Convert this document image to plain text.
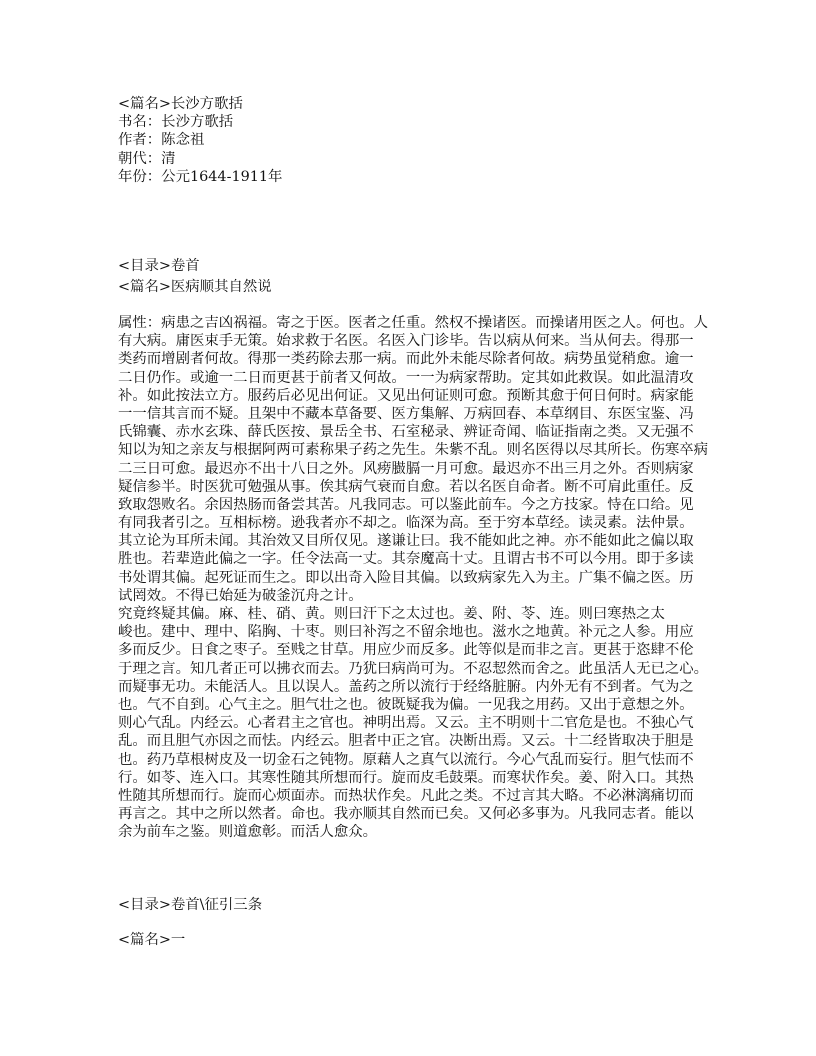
<篇名>长沙方歌括
书名：长沙方歌括
作者：陈念祖
朝代：清
年份：公元1644-1911年
<目录>卷首
<篇名>医病顺其自然说
属性：病患之吉凶祸福。寄之于医。医者之任重。然权不操诸医。而操诸用医之人。何也。人
有大病。庸医束手无策。始求救于名医。名医入门诊毕。告以病从何来。当从何去。得那一
类药而增剧者何故。得那一类药除去那一病。而此外未能尽除者何故。病势虽觉稍愈。逾一
二日仍作。或逾一二日而更甚于前者又何故。一一为病家帮助。定其如此救误。如此温清攻
补。如此按法立方。服药后必见出何证。又见出何证则可愈。预断其愈于何日何时。病家能
一一信其言而不疑。且架中不藏本草备要、医方集解、万病回春、本草纲目、东医宝鉴、冯
氏锦囊、赤水玄珠、薛氏医按、景岳全书、石室秘录、辨证奇闻、临证指南之类。又无强不
知以为知之亲友与根据阿两可素称果子药之先生。朱紫不乱。则名医得以尽其所长。伤寒卒病
二三日可愈。最迟亦不出十八日之外。风痨臌膈一月可愈。最迟亦不出三月之外。否则病家
疑信参半。时医犹可勉强从事。俟其病气衰而自愈。若以名医自命者。断不可肩此重任。反
致取怨败名。余因热肠而备尝其苦。凡我同志。可以鉴此前车。今之方技家。恃在口给。见
有同我者引之。互相标榜。逊我者亦不却之。临深为高。至于穷本草经。读灵素。法仲景。
其立论为耳所未闻。其治效又目所仅见。遂谦让曰。我不能如此之神。亦不能如此之偏以取
胜也。若辈造此偏之一字。任令法高一丈。其奈魔高十丈。且谓古书不可以今用。即于多读
书处谓其偏。起死证而生之。即以出奇入险目其偏。以致病家先入为主。广集不偏之医。历
试罔效。不得已始延为破釜沉舟之计。
究竟终疑其偏。麻、桂、硝、黄。则曰汗下之太过也。姜、附、苓、连。则曰寒热之太
峻也。建中、理中、陷胸、十枣。则曰补泻之不留余地也。滋水之地黄。补元之人参。用应
多而反少。日食之枣子。至贱之甘草。用应少而反多。此等似是而非之言。更甚于恣肆不伦
于理之言。知几者正可以拂衣而去。乃犹曰病尚可为。不忍恝然而舍之。此虽活人无已之心。
而疑事无功。未能活人。且以误人。盖药之所以流行于经络脏腑。内外无有不到者。气为之
也。气不自到。心气主之。胆气壮之也。彼既疑我为偏。一见我之用药。又出于意想之外。
则心气乱。内经云。心者君主之官也。神明出焉。又云。主不明则十二官危是也。不独心气
乱。而且胆气亦因之而怯。内经云。胆者中正之官。决断出焉。又云。十二经皆取决于胆是
也。药乃草根树皮及一切金石之钝物。原藉人之真气以流行。今心气乱而妄行。胆气怯而不
行。如苓、连入口。其寒性随其所想而行。旋而皮毛鼓栗。而寒状作矣。姜、附入口。其热
性随其所想而行。旋而心烦面赤。而热状作矣。凡此之类。不过言其大略。不必淋漓痛切而
再言之。其中之所以然者。命也。我亦顺其自然而已矣。又何必多事为。凡我同志者。能以
余为前车之鉴。则道愈彰。而活人愈众。
<目录>卷首\征引三条
<篇名>一
